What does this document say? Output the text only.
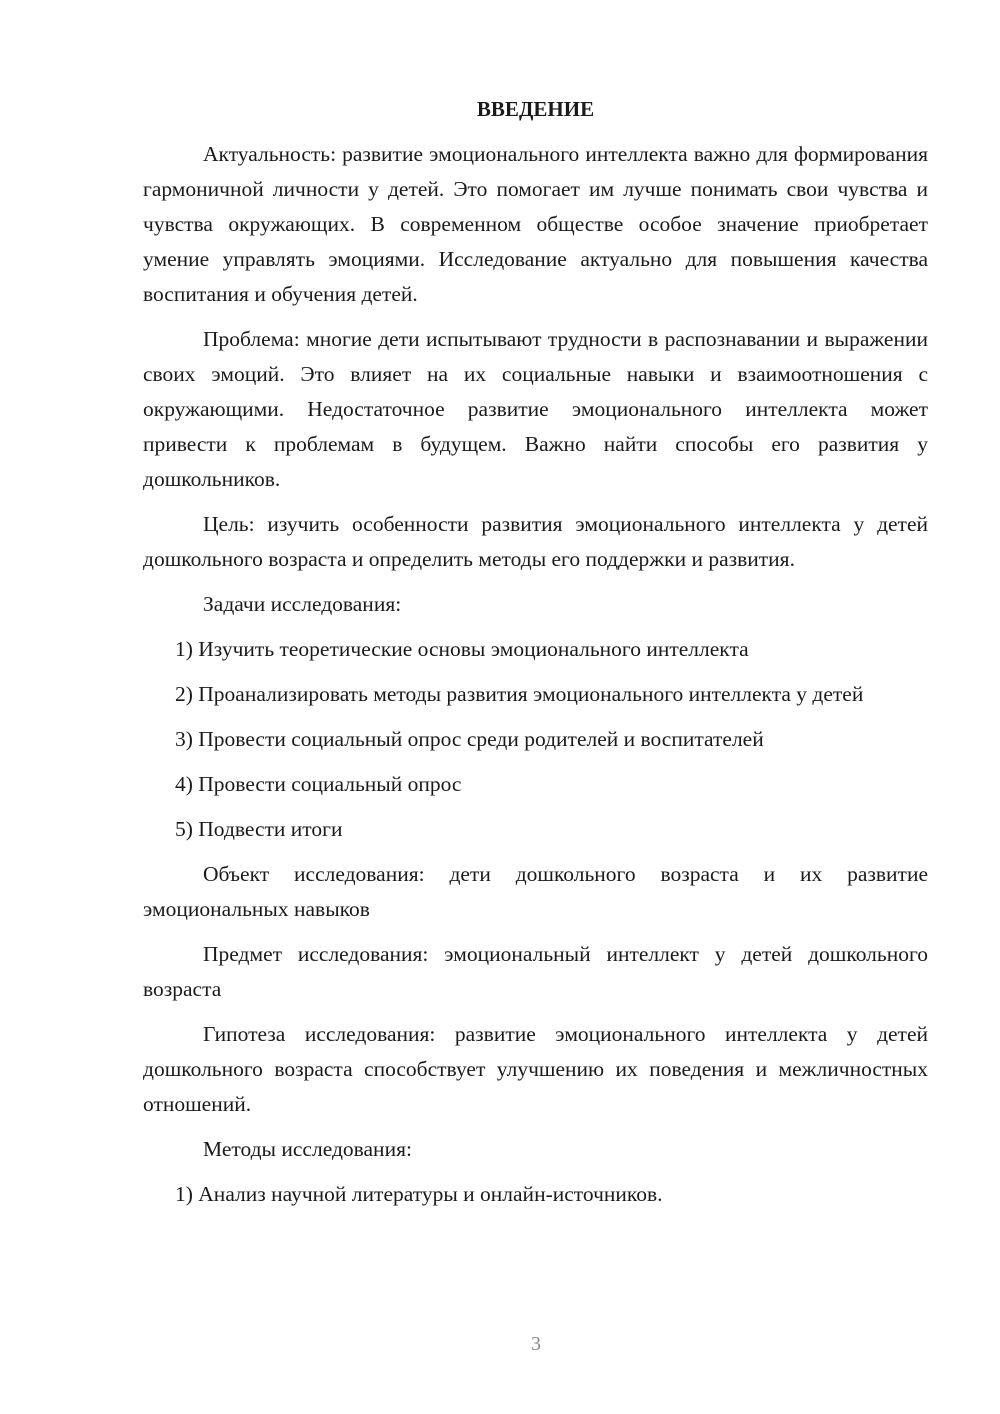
ВВЕДЕНИЕ

Актуальность: развитие эмоционального интеллекта важно для формирования гармоничной личности у детей. Это помогает им лучше понимать свои чувства и чувства окружающих. В современном обществе особое значение приобретает умение управлять эмоциями. Исследование актуально для повышения качества воспитания и обучения детей.

Проблема: многие дети испытывают трудности в распознавании и выражении своих эмоций. Это влияет на их социальные навыки и взаимоотношения с окружающими. Недостаточное развитие эмоционального интеллекта может привести к проблемам в будущем. Важно найти способы его развития у дошкольников.

Цель: изучить особенности развития эмоционального интеллекта у детей дошкольного возраста и определить методы его поддержки и развития.

Задачи исследования:

1) Изучить теоретические основы эмоционального интеллекта

2) Проанализировать методы развития эмоционального интеллекта у детей

3) Провести социальный опрос среди родителей и воспитателей

4) Провести социальный опрос

5) Подвести итоги

Объект исследования: дети дошкольного возраста и их развитие эмоциональных навыков

Предмет исследования: эмоциональный интеллект у детей дошкольного возраста

Гипотеза исследования: развитие эмоционального интеллекта у детей дошкольного возраста способствует улучшению их поведения и межличностных отношений.

Методы исследования:

1) Анализ научной литературы и онлайн-источников.

3
